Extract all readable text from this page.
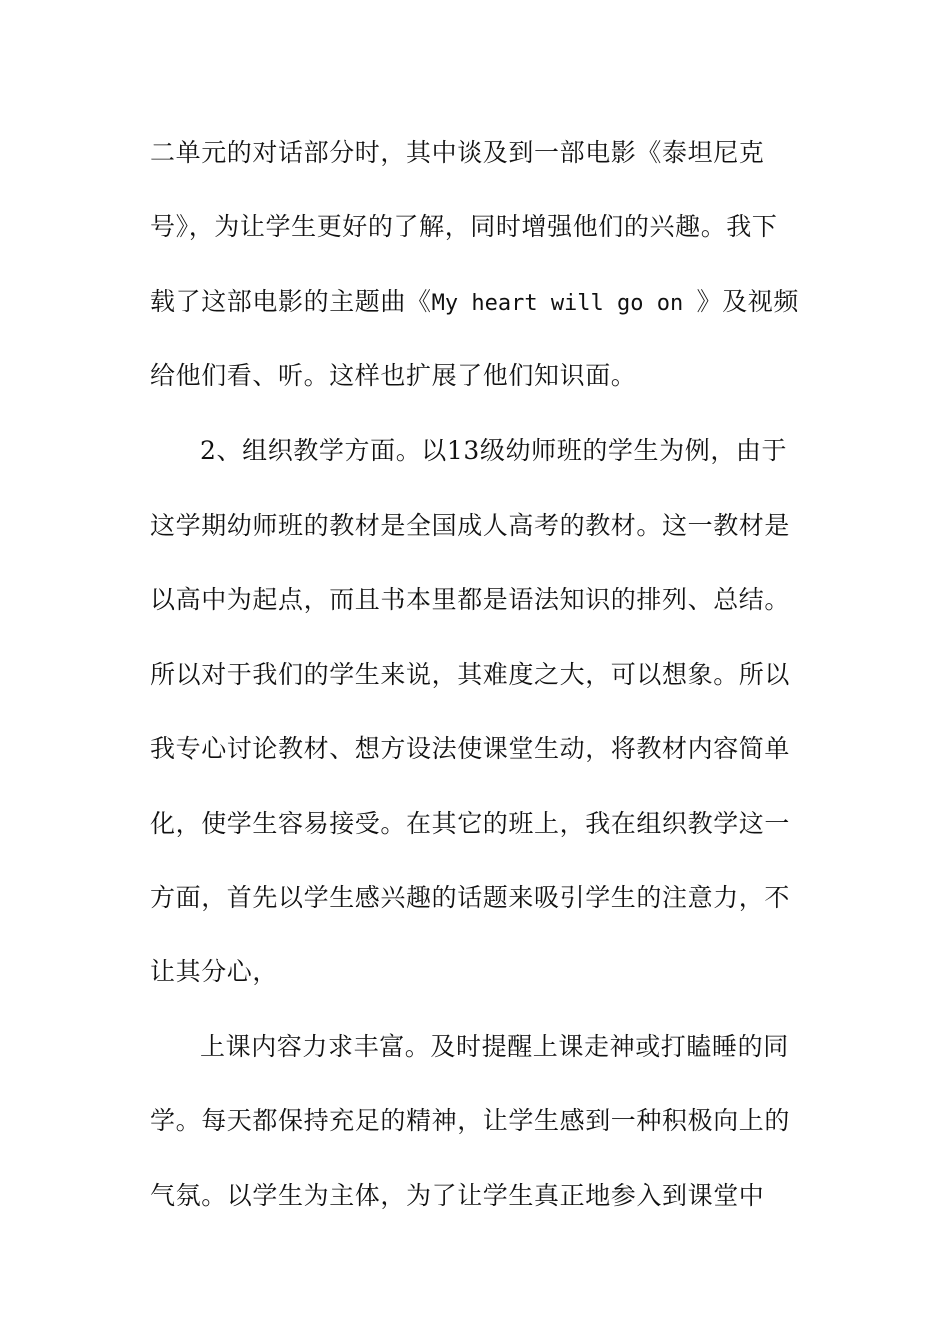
二单元的对话部分时，其中谈及到一部电影《泰坦尼克
号》，为让学生更好的了解，同时增强他们的兴趣。我下
载了这部电影的主题曲《My heart will go on 》及视频
给他们看、听。这样也扩展了他们知识面。
2、组织教学方面。以13级幼师班的学生为例，由于
这学期幼师班的教材是全国成人高考的教材。这一教材是
以高中为起点，而且书本里都是语法知识的排列、总结。
所以对于我们的学生来说，其难度之大，可以想象。所以
我专心讨论教材、想方设法使课堂生动，将教材内容简单
化，使学生容易接受。在其它的班上，我在组织教学这一
方面，首先以学生感兴趣的话题来吸引学生的注意力，不
让其分心，
上课内容力求丰富。及时提醒上课走神或打瞌睡的同
学。每天都保持充足的精神，让学生感到一种积极向上的
气氛。以学生为主体，为了让学生真正地参入到课堂中
